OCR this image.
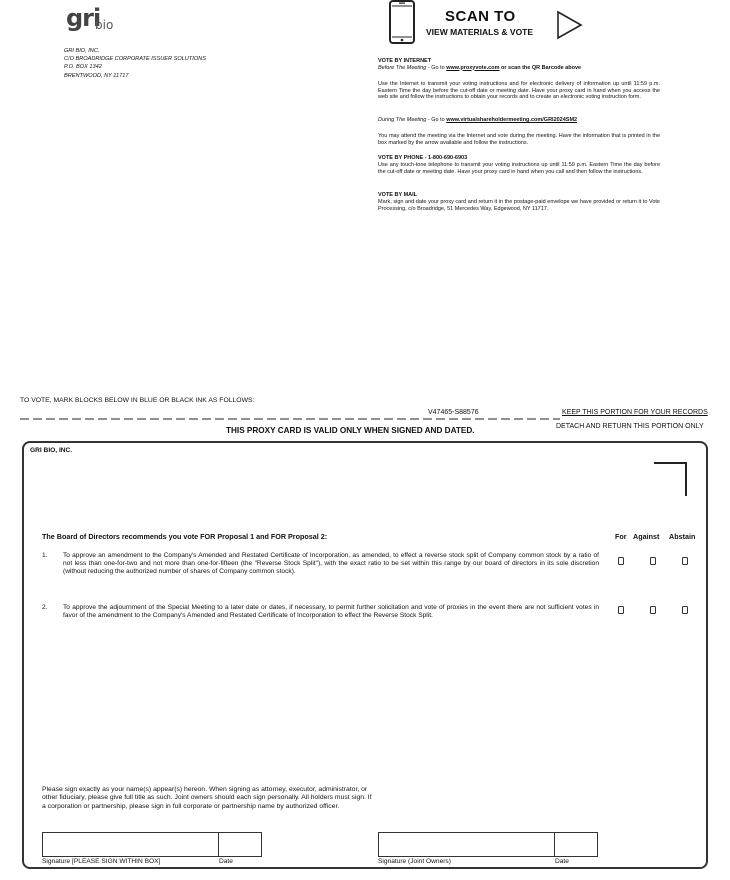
gri
bio
GRI BIO, INC.
C/O BROADRIDGE CORPORATE ISSUER SOLUTIONS
P.O. BOX 1342
BRENTWOOD, NY 11717
SCAN TO
VIEW MATERIALS & VOTE
VOTE BY INTERNET
Before The Meeting - Go to www.proxyvote.com or scan the QR Barcode above
Use the Internet to transmit your voting instructions and for electronic delivery of information up until 11:59 p.m. Eastern Time the day before the cut-off date or meeting date. Have your proxy card in hand when you access the web site and follow the instructions to obtain your records and to create an electronic voting instruction form.
During The Meeting - Go to www.virtualshareholdermeeting.com/GRI2024SM2
You may attend the meeting via the Internet and vote during the meeting. Have the information that is printed in the box marked by the arrow available and follow the instructions.
VOTE BY PHONE - 1-800-690-6903
Use any touch-tone telephone to transmit your voting instructions up until 11:59 p.m. Eastern Time the day before the cut-off date or meeting date. Have your proxy card in hand when you call and then follow the instructions.
VOTE BY MAIL
Mark, sign and date your proxy card and return it in the postage-paid envelope we have provided or return it to Vote Processing, c/o Broadridge, 51 Mercedes Way, Edgewood, NY 11717.
TO VOTE, MARK BLOCKS BELOW IN BLUE OR BLACK INK AS FOLLOWS:
V47465-S88576	KEEP THIS PORTION FOR YOUR RECORDS
THIS PROXY CARD IS VALID ONLY WHEN SIGNED AND DATED.	DETACH AND RETURN THIS PORTION ONLY
GRI BIO, INC.
The Board of Directors recommends you vote FOR Proposal 1 and FOR Proposal 2:	For Against Abstain
1. To approve an amendment to the Company's Amended and Restated Certificate of Incorporation, as amended, to effect a reverse stock split of Company common stock by a ratio of not less than one-for-two and not more than one-for-fifteen (the "Reverse Stock Split"), with the exact ratio to be set within this range by our board of directors in its sole discretion (without reducing the authorized number of shares of Company common stock).
2. To approve the adjournment of the Special Meeting to a later date or dates, if necessary, to permit further solicitation and vote of proxies in the event there are not sufficient votes in favor of the amendment to the Company's Amended and Restated Certificate of Incorporation to effect the Reverse Stock Split.
Please sign exactly as your name(s) appear(s) hereon. When signing as attorney, executor, administrator, or other fiduciary, please give full title as such. Joint owners should each sign personally. All holders must sign. If a corporation or partnership, please sign in full corporate or partnership name by authorized officer.
Signature [PLEASE SIGN WITHIN BOX]	Date	Signature (Joint Owners)	Date
